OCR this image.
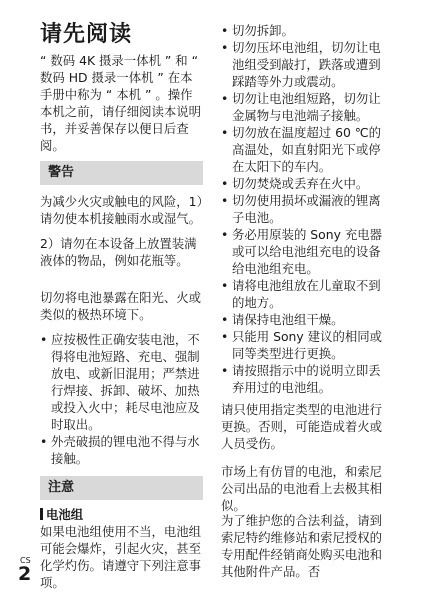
请先阅读

“ 数码 4K 摄录一体机 ” 和 “ 数码 HD 摄录一体机 ” 在本手册中称为 “ 本机 ” 。操作本机之前，请仔细阅读本说明书，并妥善保存以便日后查阅。

警告

为减少火灾或触电的风险，1）请勿使本机接触雨水或湿气。

2）请勿在本设备上放置装满液体的物品，例如花瓶等。

切勿将电池暴露在阳光、火或类似的极热环境下。

• 应按极性正确安装电池，不得将电池短路、充电、强制放电、或新旧混用；严禁进行焊接、拆卸、破坏、加热或投入火中；耗尽电池应及时取出。
• 外壳破损的锂电池不得与水接触。
注意
电池组

如果电池组使用不当，电池组可能会爆炸，引起火灾，甚至化学灼伤。请遵守下列注意事项。

CS
2
• 切勿拆卸。
• 切勿压坏电池组，切勿让电池组受到敲打，跌落或遭到踩踏等外力或震动。
• 切勿让电池组短路，切勿让金属物与电池端子接触。
• 切勿放在温度超过 60 ℃的高温处，如直射阳光下或停在太阳下的车内。
• 切勿焚烧或丢弃在火中。
• 切勿使用损坏或漏液的锂离子电池。
• 务必用原装的 Sony 充电器或可以给电池组充电的设备给电池组充电。
• 请将电池组放在儿童取不到的地方。
• 请保持电池组干燥。
• 只能用 Sony 建议的相同或同等类型进行更换。
• 请按照指示中的说明立即丢弃用过的电池组。

请只使用指定类型的电池进行更换。否则，可能造成着火或人员受伤。

市场上有仿冒的电池，和索尼公司出品的电池看上去极其相似。

为了维护您的合法利益，请到索尼特约维修站和索尼授权的专用配件经销商处购买电池和其他附件产品。否
